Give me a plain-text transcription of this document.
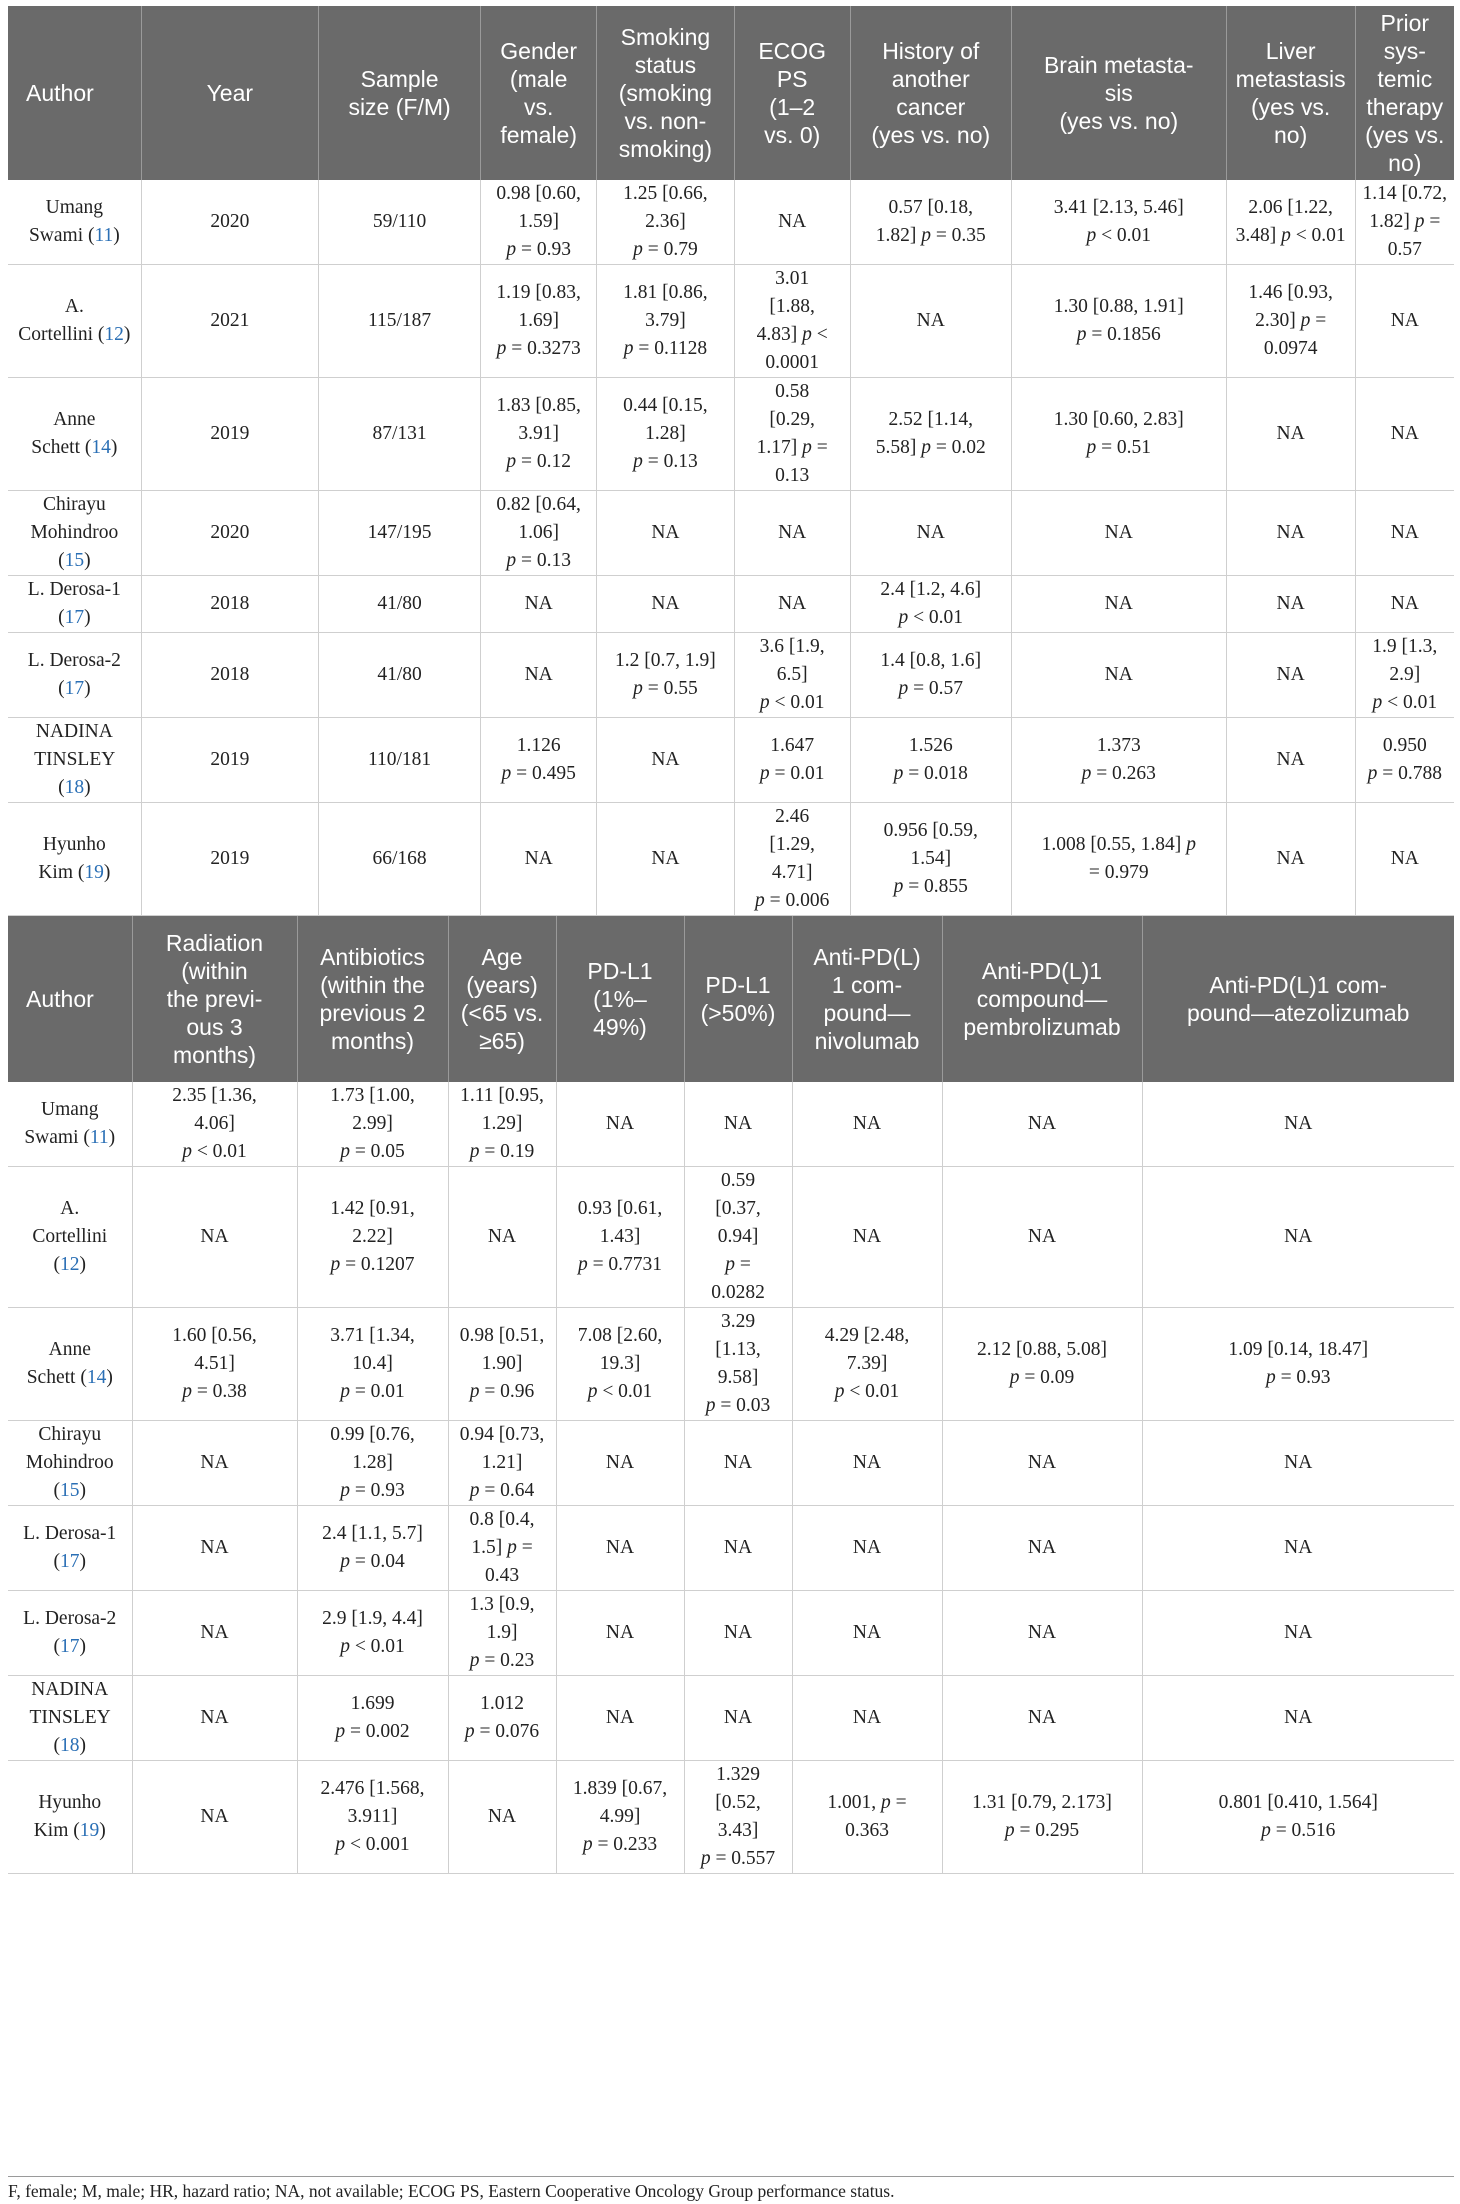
Author	Year	Sample
size (F/M)	Gender
(male
vs.
female)	Smoking
status
(smoking
vs. non-
smoking)	ECOG
PS
(1–2
vs. 0)	History of
another
cancer
(yes vs. no)	Brain metasta-
sis
(yes vs. no)	Liver
metastasis
(yes vs.
no)	Prior sys-
temic
therapy
(yes vs.
no)

Umang
Swami (11)	2020	59/110	0.98 [0.60,
1.59]
p = 0.93	1.25 [0.66,
2.36]
p = 0.79	NA	0.57 [0.18,
1.82] p = 0.35	3.41 [2.13, 5.46]
p < 0.01	2.06 [1.22,
3.48] p < 0.01	1.14 [0.72,
1.82] p =
0.57

A.
Cortellini (12)	2021	115/187	1.19 [0.83,
1.69]
p = 0.3273	1.81 [0.86,
3.79]
p = 0.1128	3.01
[1.88,
4.83] p <
0.0001	NA	1.30 [0.88, 1.91]
p = 0.1856	1.46 [0.93,
2.30] p =
0.0974	NA

Anne
Schett (14)	2019	87/131	1.83 [0.85,
3.91]
p = 0.12	0.44 [0.15,
1.28]
p = 0.13	0.58
[0.29,
1.17] p =
0.13	2.52 [1.14,
5.58] p = 0.02	1.30 [0.60, 2.83]
p = 0.51	NA	NA

Chirayu
Mohindroo (15)	2020	147/195	0.82 [0.64,
1.06]
p = 0.13	NA	NA	NA	NA	NA	NA

L. Derosa-1
(17)	2018	41/80	NA	NA	NA	2.4 [1.2, 4.6]
p < 0.01	NA	NA	NA

L. Derosa-2
(17)	2018	41/80	NA	1.2 [0.7, 1.9]
p = 0.55	3.6 [1.9,
6.5]
p < 0.01	1.4 [0.8, 1.6]
p = 0.57	NA	NA	1.9 [1.3,
2.9]
p < 0.01

NADINA
TINSLEY (18)	2019	110/181	1.126
p = 0.495	NA	1.647
p = 0.01	1.526
p = 0.018	1.373
p = 0.263	NA	0.950
p = 0.788

Hyunho
Kim (19)	2019	66/168	NA	NA	2.46
[1.29,
4.71]
p = 0.006	0.956 [0.59,
1.54]
p = 0.855	1.008 [0.55, 1.84] p
= 0.979	NA	NA
Author	Radiation
(within
the previ-
ous 3
months)	Antibiotics
(within the
previous 2
months)	Age
(years)
(<65 vs.
≥65)	PD-L1
(1%–
49%)	PD-L1
(>50%)	Anti-PD(L)
1 com-
pound—
nivolumab	Anti-PD(L)1
compound—
pembrolizumab	Anti-PD(L)1 com-
pound—atezolizumab

Umang
Swami (11)	2.35 [1.36,
4.06]
p < 0.01	1.73 [1.00,
2.99]
p = 0.05	1.11 [0.95,
1.29]
p = 0.19	NA	NA	NA	NA	NA

A.
Cortellini (12)	NA	1.42 [0.91,
2.22]
p = 0.1207	NA	0.93 [0.61,
1.43]
p = 0.7731	0.59
[0.37,
0.94]
p =
0.0282	NA	NA	NA

Anne
Schett (14)	1.60 [0.56,
4.51]
p = 0.38	3.71 [1.34,
10.4]
p = 0.01	0.98 [0.51,
1.90]
p = 0.96	7.08 [2.60,
19.3]
p < 0.01	3.29
[1.13,
9.58]
p = 0.03	4.29 [2.48,
7.39]
p < 0.01	2.12 [0.88, 5.08]
p = 0.09	1.09 [0.14, 18.47]
p = 0.93

Chirayu
Mohindroo (15)	NA	0.99 [0.76,
1.28]
p = 0.93	0.94 [0.73,
1.21]
p = 0.64	NA	NA	NA	NA	NA

L. Derosa-1
(17)	NA	2.4 [1.1, 5.7]
p = 0.04	0.8 [0.4,
1.5] p =
0.43	NA	NA	NA	NA	NA

L. Derosa-2
(17)	NA	2.9 [1.9, 4.4]
p < 0.01	1.3 [0.9,
1.9]
p = 0.23	NA	NA	NA	NA	NA

NADINA
TINSLEY (18)	NA	1.699
p = 0.002	1.012
p = 0.076	NA	NA	NA	NA	NA

Hyunho
Kim (19)	NA	2.476 [1.568,
3.911]
p < 0.001	NA	1.839 [0.67,
4.99]
p = 0.233	1.329
[0.52,
3.43]
p = 0.557	1.001, p =
0.363	1.31 [0.79, 2.173]
p = 0.295	0.801 [0.410, 1.564]
p = 0.516
F, female; M, male; HR, hazard ratio; NA, not available; ECOG PS, Eastern Cooperative Oncology Group performance status.
